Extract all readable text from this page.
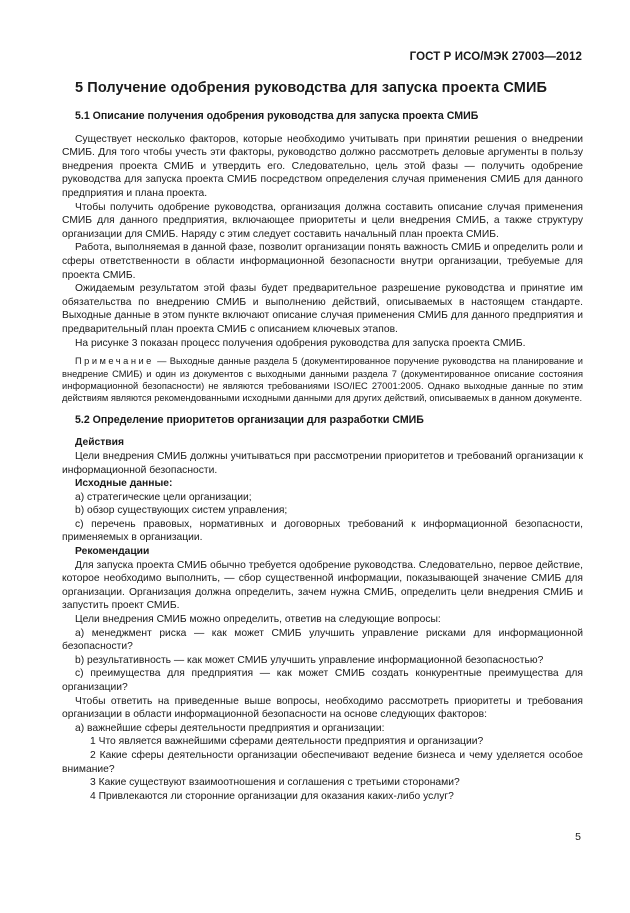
ГОСТ Р ИСО/МЭК 27003—2012
5 Получение одобрения руководства для запуска проекта СМИБ
5.1 Описание получения одобрения руководства для запуска проекта СМИБ

Существует несколько факторов, которые необходимо учитывать при принятии решения о внедрении СМИБ. Для того чтобы учесть эти факторы, руководство должно рассмотреть деловые аргументы в пользу внедрения проекта СМИБ и утвердить его. Следовательно, цель этой фазы — получить одобрение руководства для запуска проекта СМИБ посредством определения случая применения СМИБ для данного предприятия и плана проекта.

Чтобы получить одобрение руководства, организация должна составить описание случая применения СМИБ для данного предприятия, включающее приоритеты и цели внедрения СМИБ, а также структуру организации для СМИБ. Наряду с этим следует составить начальный план проекта СМИБ.

Работа, выполняемая в данной фазе, позволит организации понять важность СМИБ и определить роли и сферы ответственности в области информационной безопасности внутри организации, требуемые для проекта СМИБ.

Ожидаемым результатом этой фазы будет предварительное разрешение руководства и принятие им обязательства по внедрению СМИБ и выполнению действий, описываемых в настоящем стандарте. Выходные данные в этом пункте включают описание случая применения СМИБ для данного предприятия и предварительный план проекта СМИБ с описанием ключевых этапов.

На рисунке 3 показан процесс получения одобрения руководства для запуска проекта СМИБ.

Примечание — Выходные данные раздела 5 (документированное поручение руководства на планирование и внедрение СМИБ) и один из документов с выходными данными раздела 7 (документированное описание состояния информационной безопасности) не являются требованиями ISO/IEC 27001:2005. Однако выходные данные по этим действиям являются рекомендованными исходными данными для других действий, описываемых в данном документе.
5.2 Определение приоритетов организации для разработки СМИБ
Действия

Цели внедрения СМИБ должны учитываться при рассмотрении приоритетов и требований организации к информационной безопасности.

Исходные данные:

a) стратегические цели организации;

b) обзор существующих систем управления;

c) перечень правовых, нормативных и договорных требований к информационной безопасности, применяемых в организации.

Рекомендации

Для запуска проекта СМИБ обычно требуется одобрение руководства. Следовательно, первое действие, которое необходимо выполнить, — сбор существенной информации, показывающей значение СМИБ для организации. Организация должна определить, зачем нужна СМИБ, определить цели внедрения СМИБ и запустить проект СМИБ.

Цели внедрения СМИБ можно определить, ответив на следующие вопросы:

a) менеджмент риска — как может СМИБ улучшить управление рисками для информационной безопасности?

b) результативность — как может СМИБ улучшить управление информационной безопасностью?

c) преимущества для предприятия — как может СМИБ создать конкурентные преимущества для организации?

Чтобы ответить на приведенные выше вопросы, необходимо рассмотреть приоритеты и требования организации в области информационной безопасности на основе следующих факторов:

a) важнейшие сферы деятельности предприятия и организации:

1 Что является важнейшими сферами деятельности предприятия и организации?

2 Какие сферы деятельности организации обеспечивают ведение бизнеса и чему уделяется особое внимание?

3 Какие существуют взаимоотношения и соглашения с третьими сторонами?

4 Привлекаются ли сторонние организации для оказания каких-либо услуг?

5
